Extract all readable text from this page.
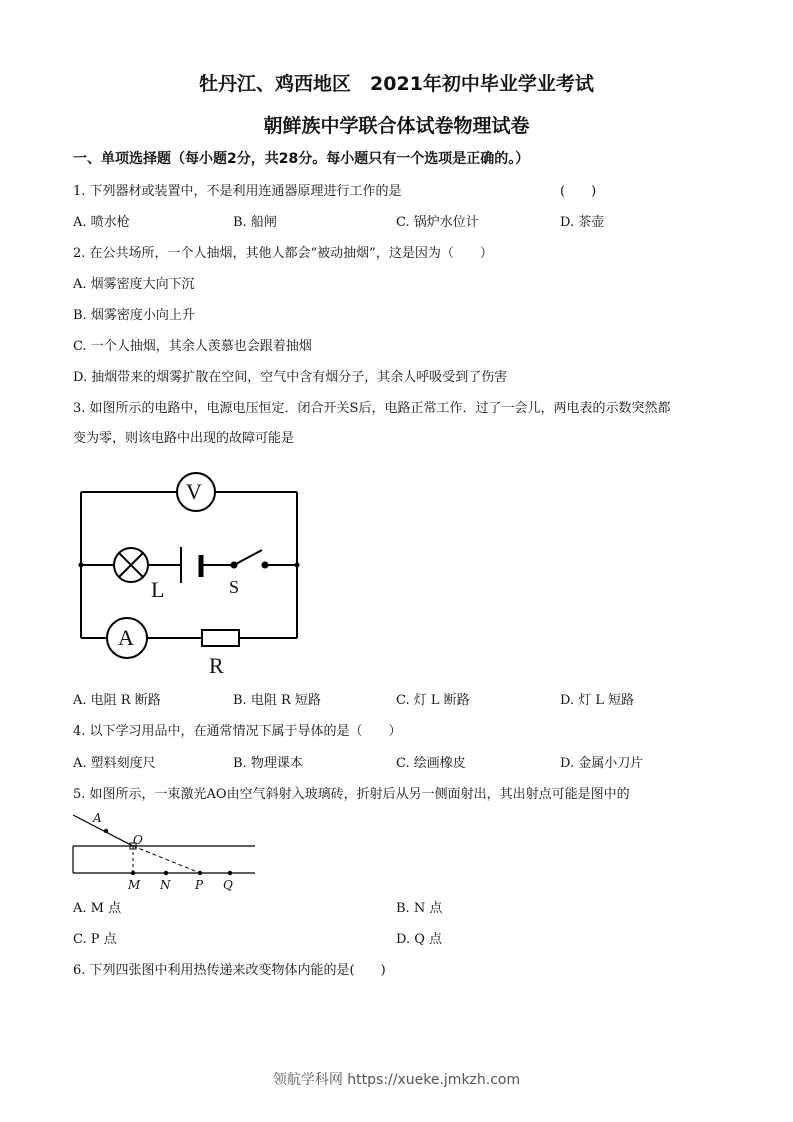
牡丹江、鸡西地区　2021年初中毕业学业考试
朝鲜族中学联合体试卷物理试卷
一、单项选择题（每小题2分，共28分。每小题只有一个选项是正确的。）
1. 下列器材或装置中，不是利用连通器原理进行工作的是	(　　)
A. 喷水枪	B. 船闸	C. 锅炉水位计	D. 茶壶
2. 在公共场所，一个人抽烟，其他人都会“被动抽烟”，这是因为（　　）
A. 烟雾密度大向下沉
B. 烟雾密度小向上升
C. 一个人抽烟，其余人羡慕也会跟着抽烟
D. 抽烟带来的烟雾扩散在空间，空气中含有烟分子，其余人呼吸受到了伤害
3. 如图所示的电路中，电源电压恒定．闭合开关S后，电路正常工作．过了一会儿，两电表的示数突然都
变为零，则该电路中出现的故障可能是
V
L	S
A
R
A. 电阻 R 断路	B. 电阻 R 短路	C. 灯 L 断路	D. 灯 L 短路
4. 以下学习用品中，在通常情况下属于导体的是（　　）
A. 塑料刻度尺	B. 物理课本	C. 绘画橡皮	D. 金属小刀片
5. 如图所示，一束激光AO由空气斜射入玻璃砖，折射后从另一侧面射出，其出射点可能是图中的
A
O
M N P Q
A. M 点	B. N 点
C. P 点	D. Q 点
6. 下列四张图中利用热传递来改变物体内能的是(　　)
领航学科网 https://xueke.jmkzh.com
